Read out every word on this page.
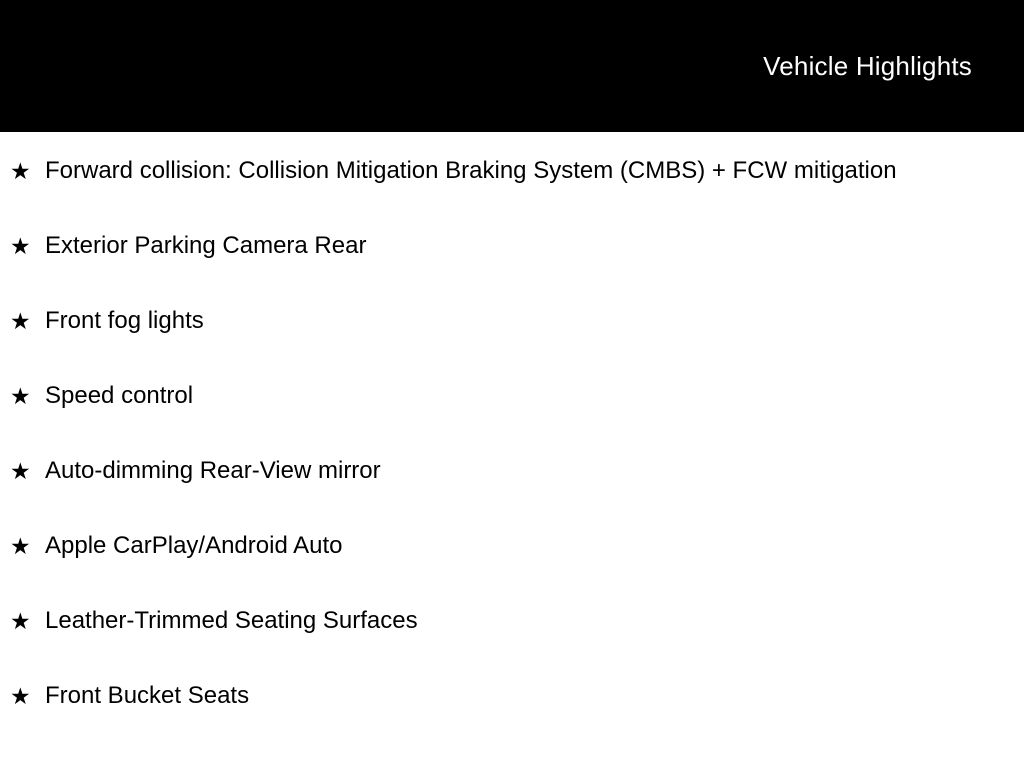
Vehicle Highlights
★ Forward collision: Collision Mitigation Braking System (CMBS) + FCW mitigation
★ Exterior Parking Camera Rear
★ Front fog lights
★ Speed control
★ Auto-dimming Rear-View mirror
★ Apple CarPlay/Android Auto
★ Leather-Trimmed Seating Surfaces
★ Front Bucket Seats
